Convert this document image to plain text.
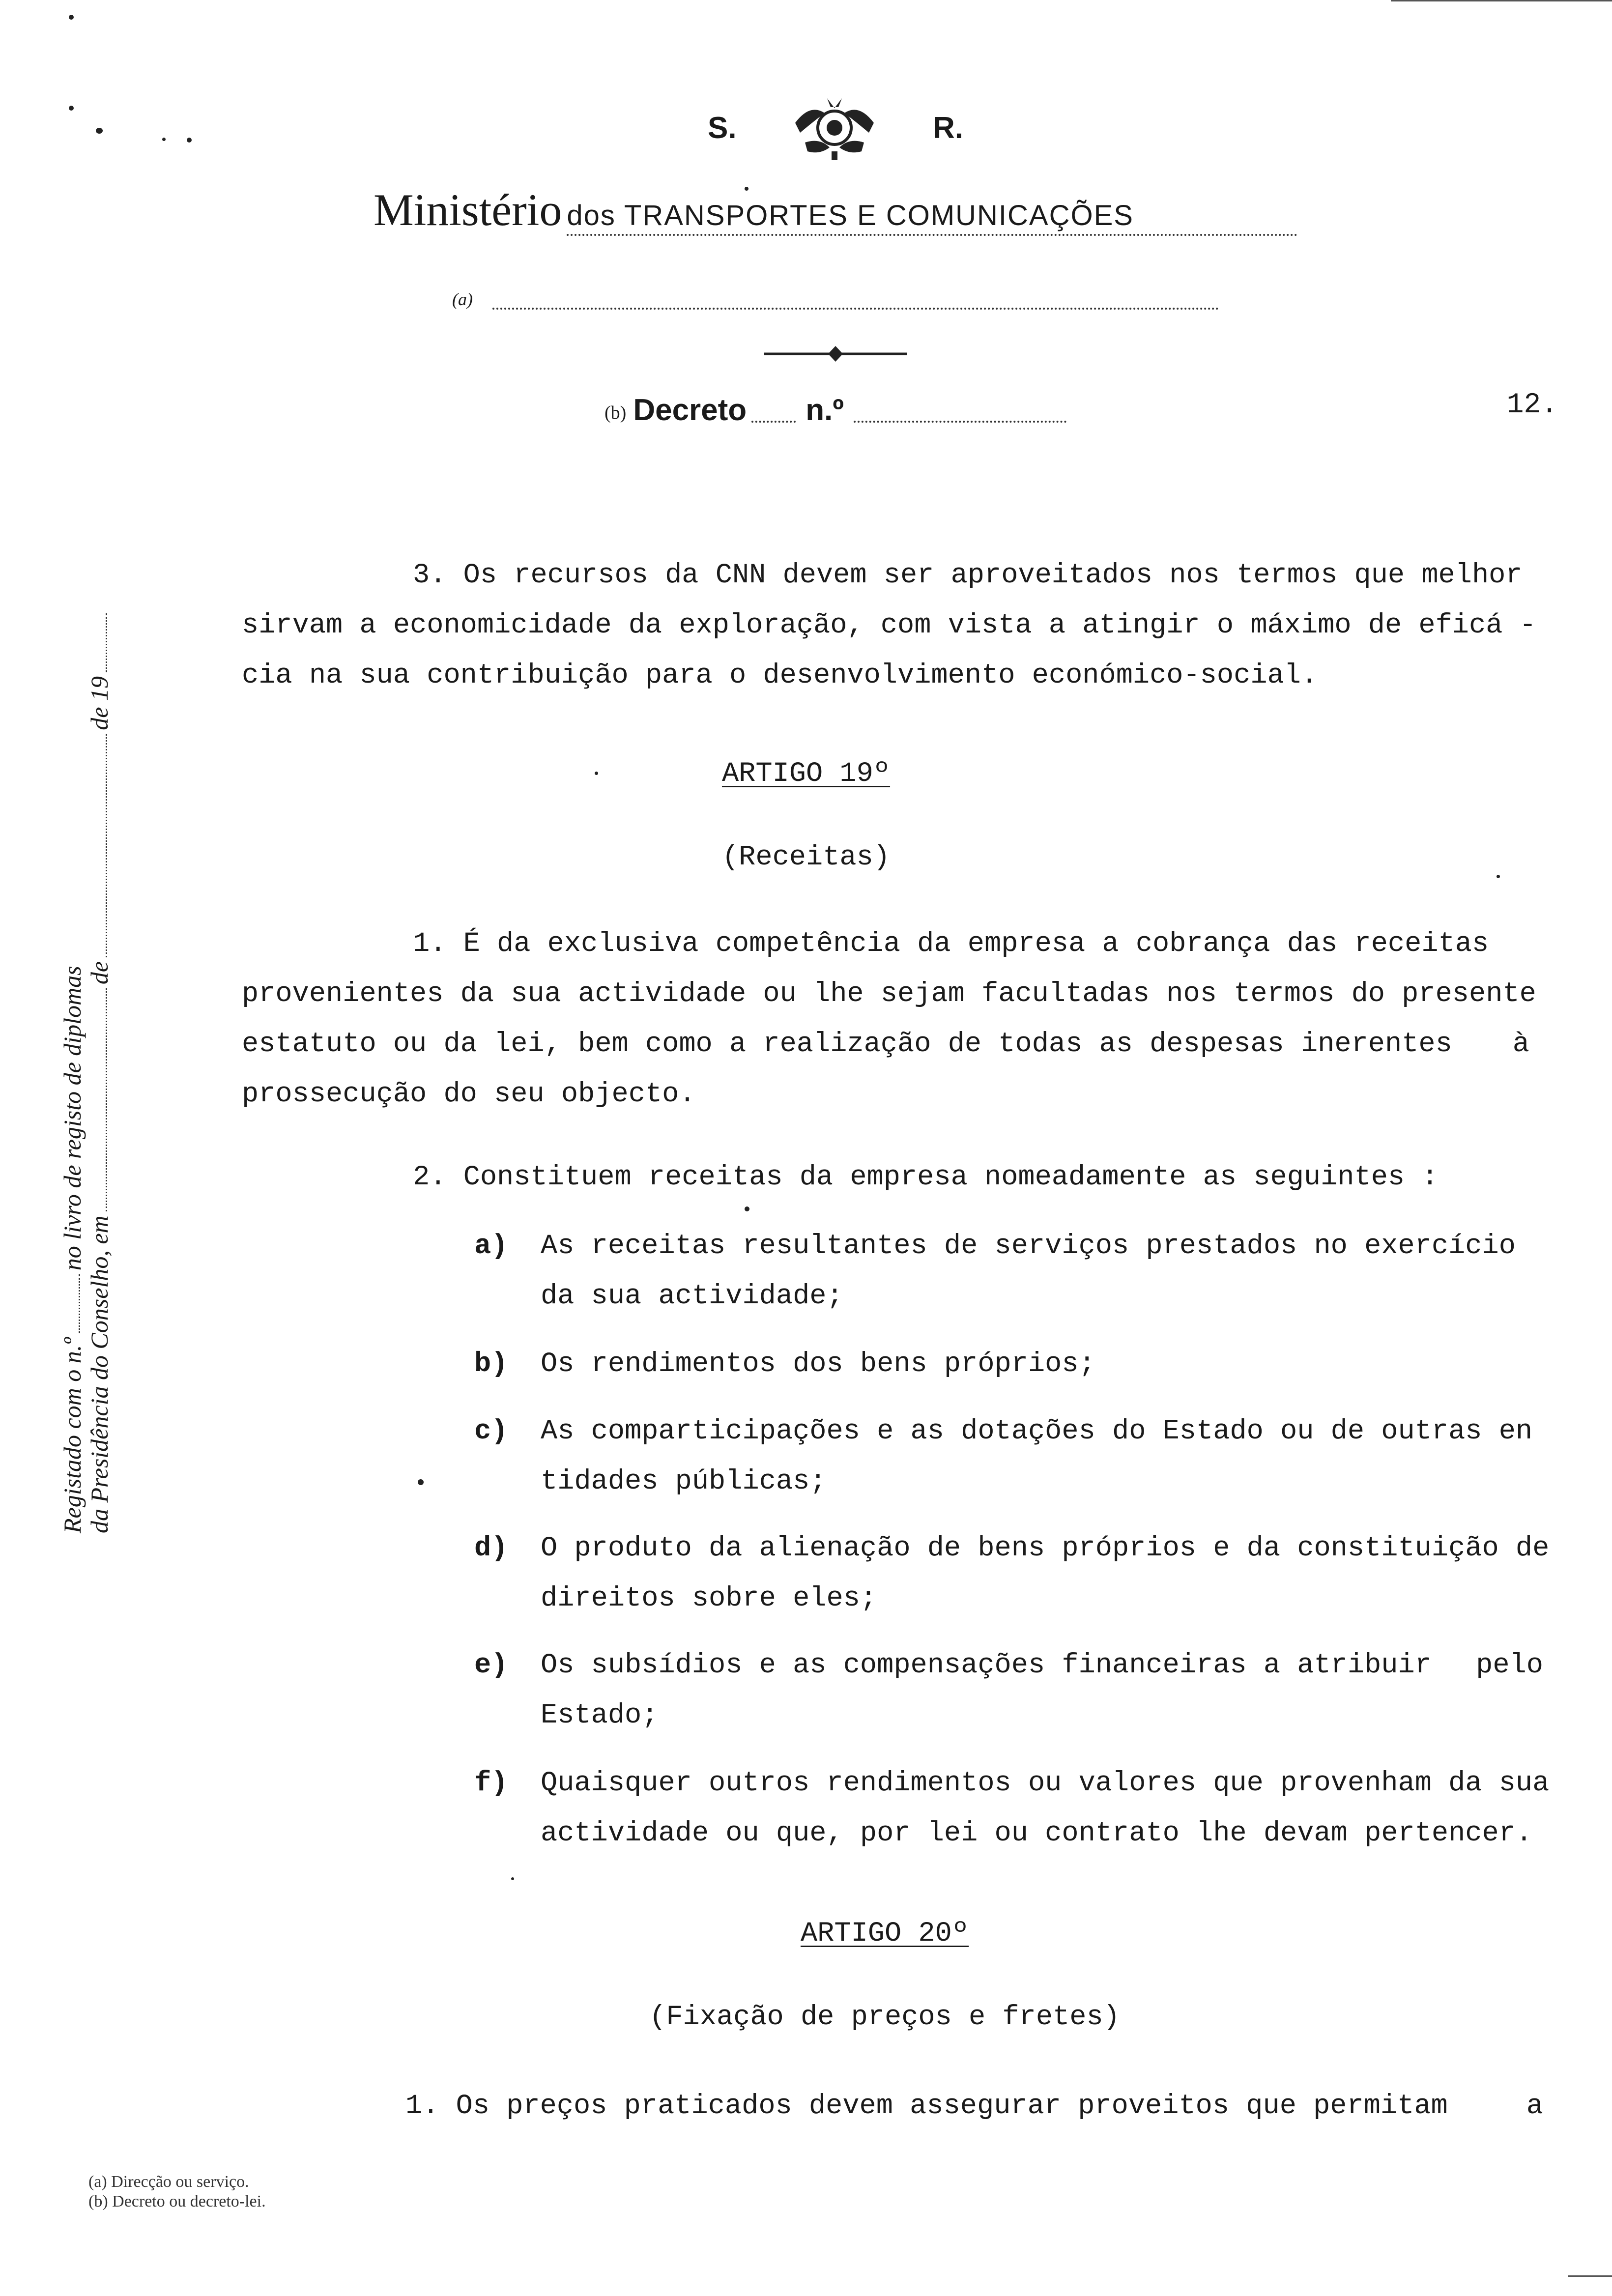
S.	R.
Ministério dos TRANSPORTES E COMUNICAÇÕES
(a)
(b) Decreto n.º	12.
Registado com o n.º
no livro de registo de diplomas
da Presidência do Conselho, em
de
de 19
3. Os recursos da CNN devem ser aproveitados nos termos que melhor
sirvam a economicidade da exploração, com vista a atingir o máximo de eficá -
cia na sua contribuição para o desenvolvimento económico-social.
ARTIGO 19º
(Receitas)
1. É da exclusiva competência da empresa a cobrança das receitas
provenientes da sua actividade ou lhe sejam facultadas nos termos do presente
estatuto ou da lei, bem como a realização de todas as despesas inerentes à
prossecução do seu objecto.
2. Constituem receitas da empresa nomeadamente as seguintes :
a) As receitas resultantes de serviços prestados no exercício
da sua actividade;
b) Os rendimentos dos bens próprios;
c) As comparticipações e as dotações do Estado ou de outras en
tidades públicas;
d) O produto da alienação de bens próprios e da constituição de
direitos sobre eles;
e) Os subsídios e as compensações financeiras a atribuir pelo
Estado;
f) Quaisquer outros rendimentos ou valores que provenham da sua
actividade ou que, por lei ou contrato lhe devam pertencer.
ARTIGO 20º
(Fixação de preços e fretes)
1. Os preços praticados devem assegurar proveitos que permitam	a
(a) Direcção ou serviço.
(b) Decreto ou decreto-lei.
